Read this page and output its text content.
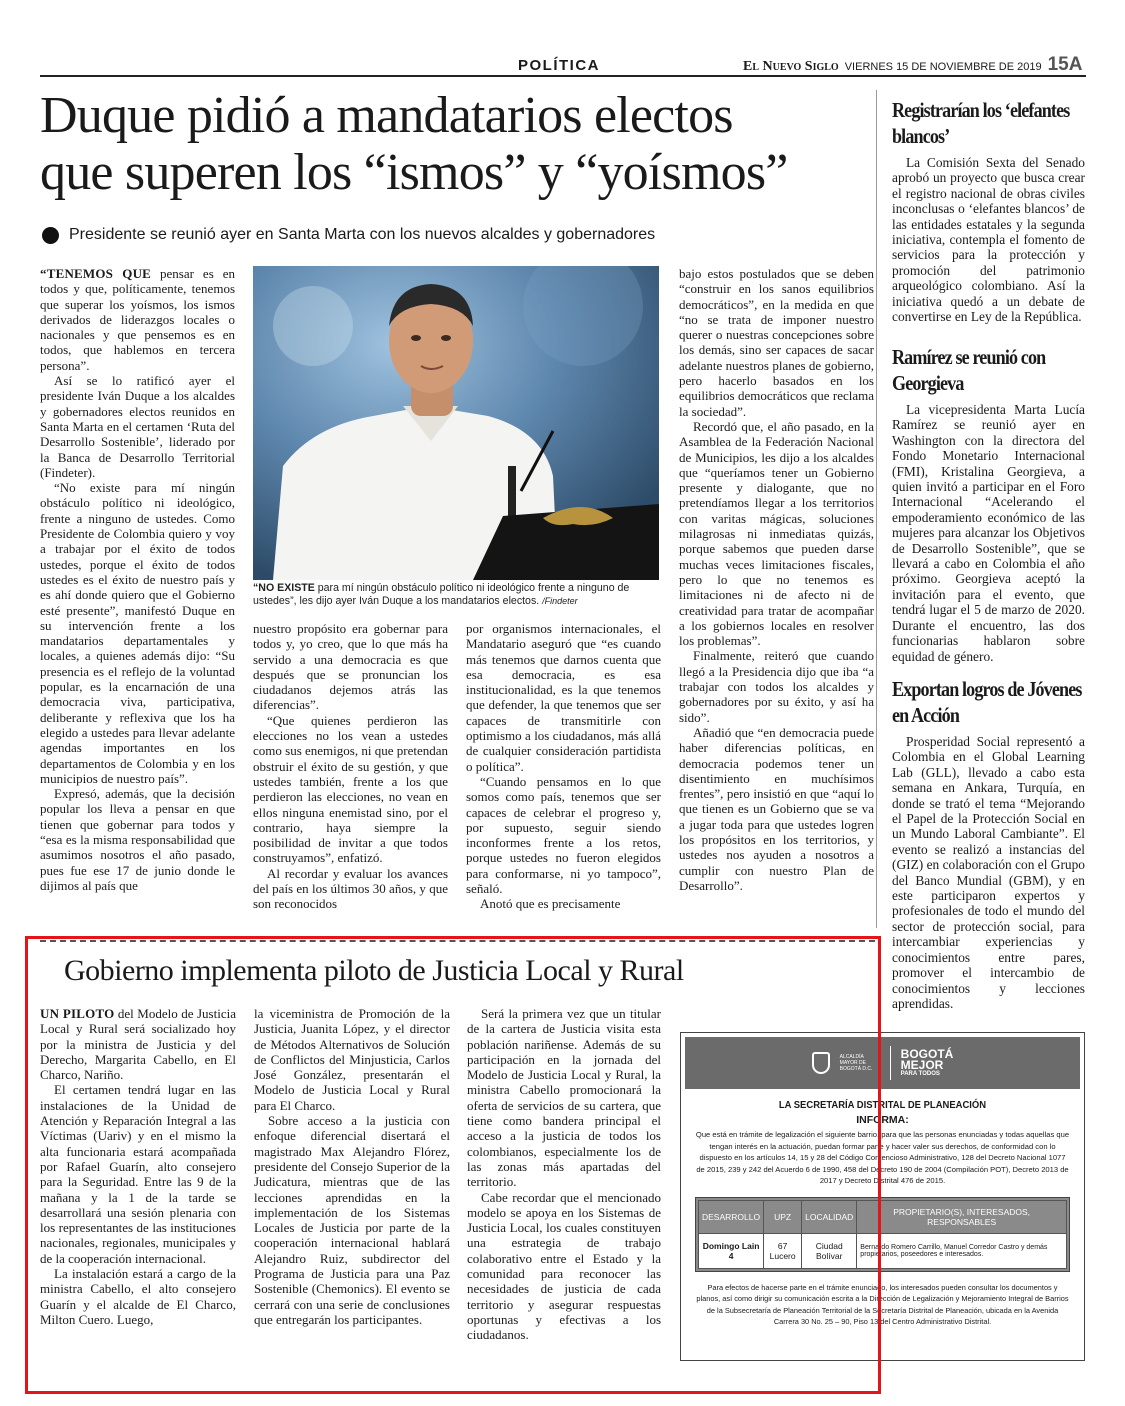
POLÍTICA	El Nuevo Siglo VIERNES 15 DE NOVIEMBRE DE 2019 15A
Duque pidió a mandatarios electos
que superen los “ismos” y “yoísmos”
Presidente se reunió ayer en Santa Marta con los nuevos alcaldes y gobernadores

“TENEMOS QUE pensar es en todos y que, políticamente, tenemos que superar los yoísmos, los ismos derivados de liderazgos locales o nacionales y que pensemos es en todos, que hablemos en tercera persona”.

Así se lo ratificó ayer el presidente Iván Duque a los alcaldes y gobernadores electos reunidos en Santa Marta en el certamen ‘Ruta del Desarrollo Sostenible’, liderado por la Banca de Desarrollo Territorial (Findeter).

“No existe para mí ningún obstáculo político ni ideológico, frente a ninguno de ustedes. Como Presidente de Colombia quiero y voy a trabajar por el éxito de todos ustedes, porque el éxito de todos ustedes es el éxito de nuestro país y es ahí donde quiero que el Gobierno esté presente”, manifestó Duque en su intervención frente a los mandatarios departamentales y locales, a quienes además dijo: “Su presencia es el reflejo de la voluntad popular, es la encarnación de una democracia viva, participativa, deliberante y reflexiva que los ha elegido a ustedes para llevar adelante agendas importantes en los departamentos de Colombia y en los municipios de nuestro país”.

Expresó, además, que la decisión popular los lleva a pensar en que tienen que gobernar para todos y “esa es la misma responsabilidad que asumimos nosotros el año pasado, pues fue ese 17 de junio donde le dijimos al país que

“NO EXISTE para mí ningún obstáculo político ni ideológico frente a ninguno de ustedes”, les dijo ayer Iván Duque a los mandatarios electos. /Findeter

nuestro propósito era gobernar para todos y, yo creo, que lo que más ha servido a una democracia es que después que se pronuncian los ciudadanos dejemos atrás las diferencias”.

“Que quienes perdieron las elecciones no los vean a ustedes como sus enemigos, ni que pretendan obstruir el éxito de su gestión, y que ustedes también, frente a los que perdieron las elecciones, no vean en ellos ninguna enemistad sino, por el contrario, haya siempre la posibilidad de invitar a que todos construyamos”, enfatizó.

Al recordar y evaluar los avances del país en los últimos 30 años, y que son reconocidos

por organismos internacionales, el Mandatario aseguró que “es cuando más tenemos que darnos cuenta que esa democracia, es esa institucionalidad, es la que tenemos que defender, la que tenemos que ser capaces de transmitirle con optimismo a los ciudadanos, más allá de cualquier consideración partidista o política”.

“Cuando pensamos en lo que somos como país, tenemos que ser capaces de celebrar el progreso y, por supuesto, seguir siendo inconformes frente a los retos, porque ustedes no fueron elegidos para conformarse, ni yo tampoco”, señaló.

Anotó que es precisamente

bajo estos postulados que se deben “construir en los sanos equilibrios democráticos”, en la medida en que “no se trata de imponer nuestro querer o nuestras concepciones sobre los demás, sino ser capaces de sacar adelante nuestros planes de gobierno, pero hacerlo basados en los equilibrios democráticos que reclama la sociedad”.

Recordó que, el año pasado, en la Asamblea de la Federación Nacional de Municipios, les dijo a los alcaldes que “queríamos tener un Gobierno presente y dialogante, que no pretendíamos llegar a los territorios con varitas mágicas, soluciones milagrosas ni inmediatas quizás, porque sabemos que pueden darse muchas veces limitaciones fiscales, pero lo que no tenemos es limitaciones ni de afecto ni de creatividad para tratar de acompañar a los gobiernos locales en resolver los problemas”.

Finalmente, reiteró que cuando llegó a la Presidencia dijo que iba “a trabajar con todos los alcaldes y gobernadores por su éxito, y así ha sido”.

Añadió que “en democracia puede haber diferencias políticas, en democracia podemos tener un disentimiento en muchísimos frentes”, pero insistió en que “aquí lo que tienen es un Gobierno que se va a jugar toda para que ustedes logren los propósitos en los territorios, y ustedes nos ayuden a nosotros a cumplir con nuestro Plan de Desarrollo”.

Registrarían los ‘elefantes blancos’

La Comisión Sexta del Senado aprobó un proyecto que busca crear el registro nacional de obras civiles inconclusas o ‘elefantes blancos’ de las entidades estatales y la segunda iniciativa, contempla el fomento de servicios para la protección y promoción del patrimonio arqueológico colombiano. Así la iniciativa quedó a un debate de convertirse en Ley de la República.

Ramírez se reunió con Georgieva

La vicepresidenta Marta Lucía Ramírez se reunió ayer en Washington con la directora del Fondo Monetario Internacional (FMI), Kristalina Georgieva, a quien invitó a participar en el Foro Internacional “Acelerando el empoderamiento económico de las mujeres para alcanzar los Objetivos de Desarrollo Sostenible”, que se llevará a cabo en Colombia el año próximo. Georgieva aceptó la invitación para el evento, que tendrá lugar el 5 de marzo de 2020. Durante el encuentro, las dos funcionarias hablaron sobre equidad de género.

Exportan logros de Jóvenes en Acción

Prosperidad Social representó a Colombia en el Global Learning Lab (GLL), llevado a cabo esta semana en Ankara, Turquía, en donde se trató el tema “Mejorando el Papel de la Protección Social en un Mundo Laboral Cambiante”. El evento se realizó a instancias del (GIZ) en colaboración con el Grupo del Banco Mundial (GBM), y en este participaron expertos y profesionales de todo el mundo del sector de protección social, para intercambiar experiencias y conocimientos entre pares, promover el intercambio de conocimientos y lecciones aprendidas.

Gobierno implementa piloto de Justicia Local y Rural

UN PILOTO del Modelo de Justicia Local y Rural será socializado hoy por la ministra de Justicia y del Derecho, Margarita Cabello, en El Charco, Nariño.

El certamen tendrá lugar en las instalaciones de la Unidad de Atención y Reparación Integral a las Víctimas (Uariv) y en el mismo la alta funcionaria estará acompañada por Rafael Guarín, alto consejero para la Seguridad. Entre las 9 de la mañana y la 1 de la tarde se desarrollará una sesión plenaria con los representantes de las instituciones nacionales, regionales, municipales y de la cooperación internacional.

La instalación estará a cargo de la ministra Cabello, el alto consejero Guarín y el alcalde de El Charco, Milton Cuero. Luego,

la viceministra de Promoción de la Justicia, Juanita López, y el director de Métodos Alternativos de Solución de Conflictos del Minjusticia, Carlos José González, presentarán el Modelo de Justicia Local y Rural para El Charco.

Sobre acceso a la justicia con enfoque diferencial disertará el magistrado Max Alejandro Flórez, presidente del Consejo Superior de la Judicatura, mientras que de las lecciones aprendidas en la implementación de los Sistemas Locales de Justicia por parte de la cooperación internacional hablará Alejandro Ruiz, subdirector del Programa de Justicia para una Paz Sostenible (Chemonics). El evento se cerrará con una serie de conclusiones que entregarán los participantes.

Será la primera vez que un titular de la cartera de Justicia visita esta población nariñense. Además de su participación en la jornada del Modelo de Justicia Local y Rural, la ministra Cabello promocionará la oferta de servicios de su cartera, que tiene como bandera principal el acceso a la justicia de todos los colombianos, especialmente los de las zonas más apartadas del territorio.

Cabe recordar que el mencionado modelo se apoya en los Sistemas de Justicia Local, los cuales constituyen una estrategia de trabajo colaborativo entre el Estado y la comunidad para reconocer las necesidades de justicia de cada territorio y asegurar respuestas oportunas y efectivas a los ciudadanos.

ALCALDÍA MAYOR DE BOGOTÁ D.C.
BOGOTÁ
MEJOR
PARA TODOS
LA SECRETARÍA DISTRITAL DE PLANEACIÓN
INFORMA:
Que está en trámite de legalización el siguiente barrio, para que las personas enunciadas y todas aquellas que tengan interés en la actuación, puedan formar parte y hacer valer sus derechos, de conformidad con lo dispuesto en los artículos 14, 15 y 28 del Código Contencioso Administrativo, 128 del Decreto Nacional 1077 de 2015, 239 y 242 del Acuerdo 6 de 1990, 458 del Decreto 190 de 2004 (Compilación POT), Decreto 2013 de 2017 y Decreto Distrital 476 de 2015.
DESARROLLO	UPZ	LOCALIDAD	PROPIETARIO(S), INTERESADOS, RESPONSABLES
Domingo Lain 4	67 Lucero	Ciudad Bolívar	Bernardo Romero Carrillo, Manuel Corredor Castro y demás propietarios, poseedores e interesados.
Para efectos de hacerse parte en el trámite enunciado, los interesados pueden consultar los documentos y planos, así como dirigir su comunicación escrita a la Dirección de Legalización y Mejoramiento Integral de Barrios de la Subsecretaría de Planeación Territorial de la Secretaría Distrital de Planeación, ubicada en la Avenida Carrera 30 No. 25 – 90, Piso 13 del Centro Administrativo Distrital.
